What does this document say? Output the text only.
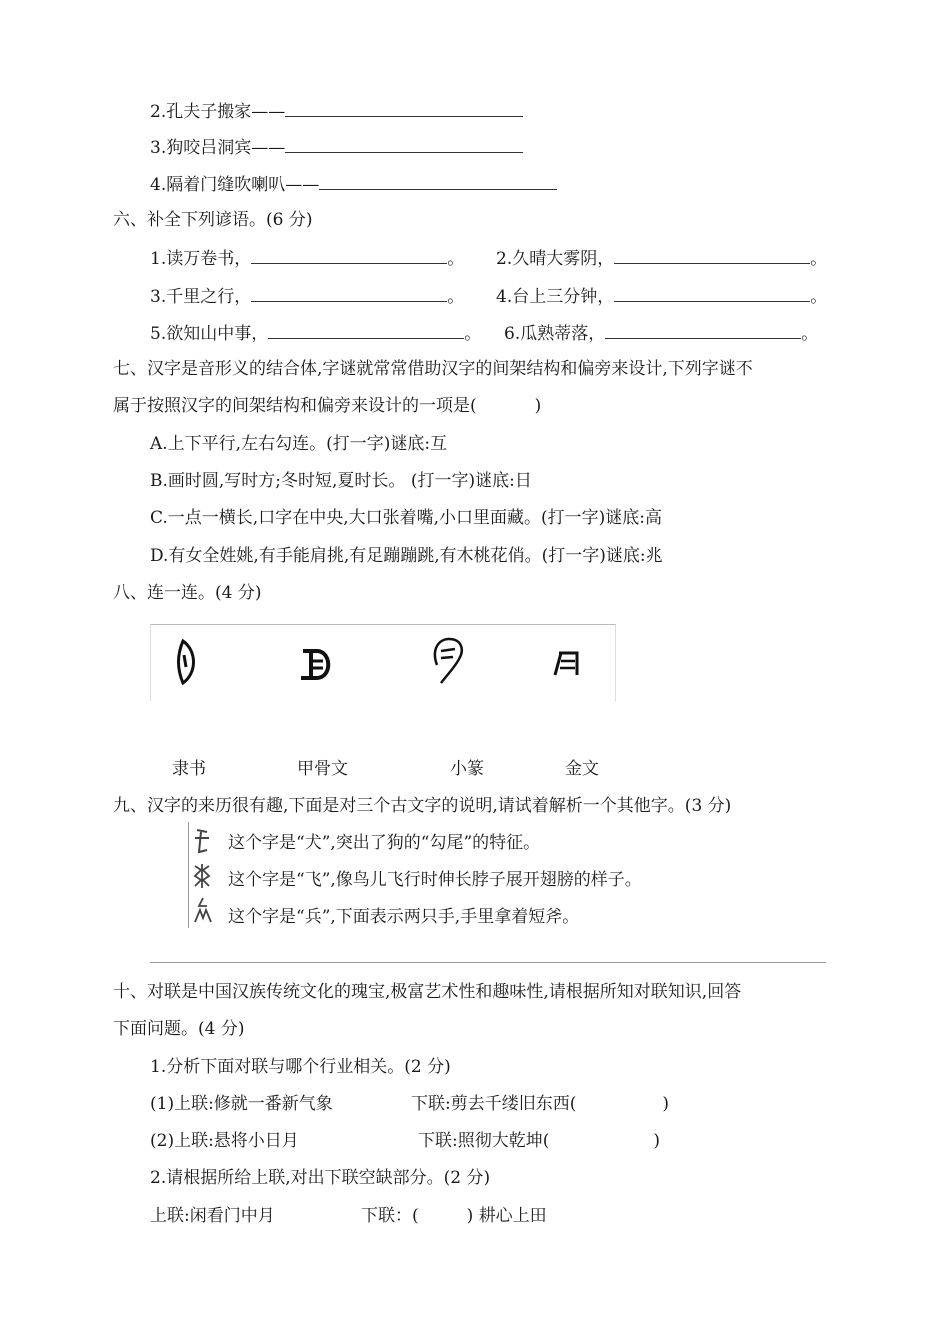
2.孔夫子搬家——
3.狗咬吕洞宾——
4.隔着门缝吹喇叭——
六、补全下列谚语。(6 分)
1.读万卷书，	。 2.久晴大雾阴，	。
3.千里之行，	。 4.台上三分钟，	。
5.欲知山中事，	。 6.瓜熟蒂落，	。
七、汉字是音形义的结合体,字谜就常常借助汉字的间架结构和偏旁来设计,下列字谜不
属于按照汉字的间架结构和偏旁来设计的一项是(	)
A.上下平行,左右勾连。(打一字)谜底:互
B.画时圆,写时方;冬时短,夏时长。 (打一字)谜底:日
C.一点一横长,口字在中央,大口张着嘴,小口里面藏。(打一字)谜底:高
D.有女全姓姚,有手能肩挑,有足蹦蹦跳,有木桃花俏。(打一字)谜底:兆
八、连一连。(4 分)
隶书	甲骨文	小篆	金文
九、汉字的来历很有趣,下面是对三个古文字的说明,请试着解析一个其他字。(3 分)
这个字是“犬”,突出了狗的“勾尾”的特征。
这个字是“飞”,像鸟儿飞行时伸长脖子展开翅膀的样子。
这个字是“兵”,下面表示两只手,手里拿着短斧。
十、对联是中国汉族传统文化的瑰宝,极富艺术性和趣味性,请根据所知对联知识,回答
下面问题。(4 分)
1.分析下面对联与哪个行业相关。(2 分)
(1)上联:修就一番新气象	下联:剪去千缕旧东西(	)
(2)上联:悬将小日月	下联:照彻大乾坤(	)
2.请根据所给上联,对出下联空缺部分。(2 分)
上联:闲看门中月	下联：(	) 耕心上田
